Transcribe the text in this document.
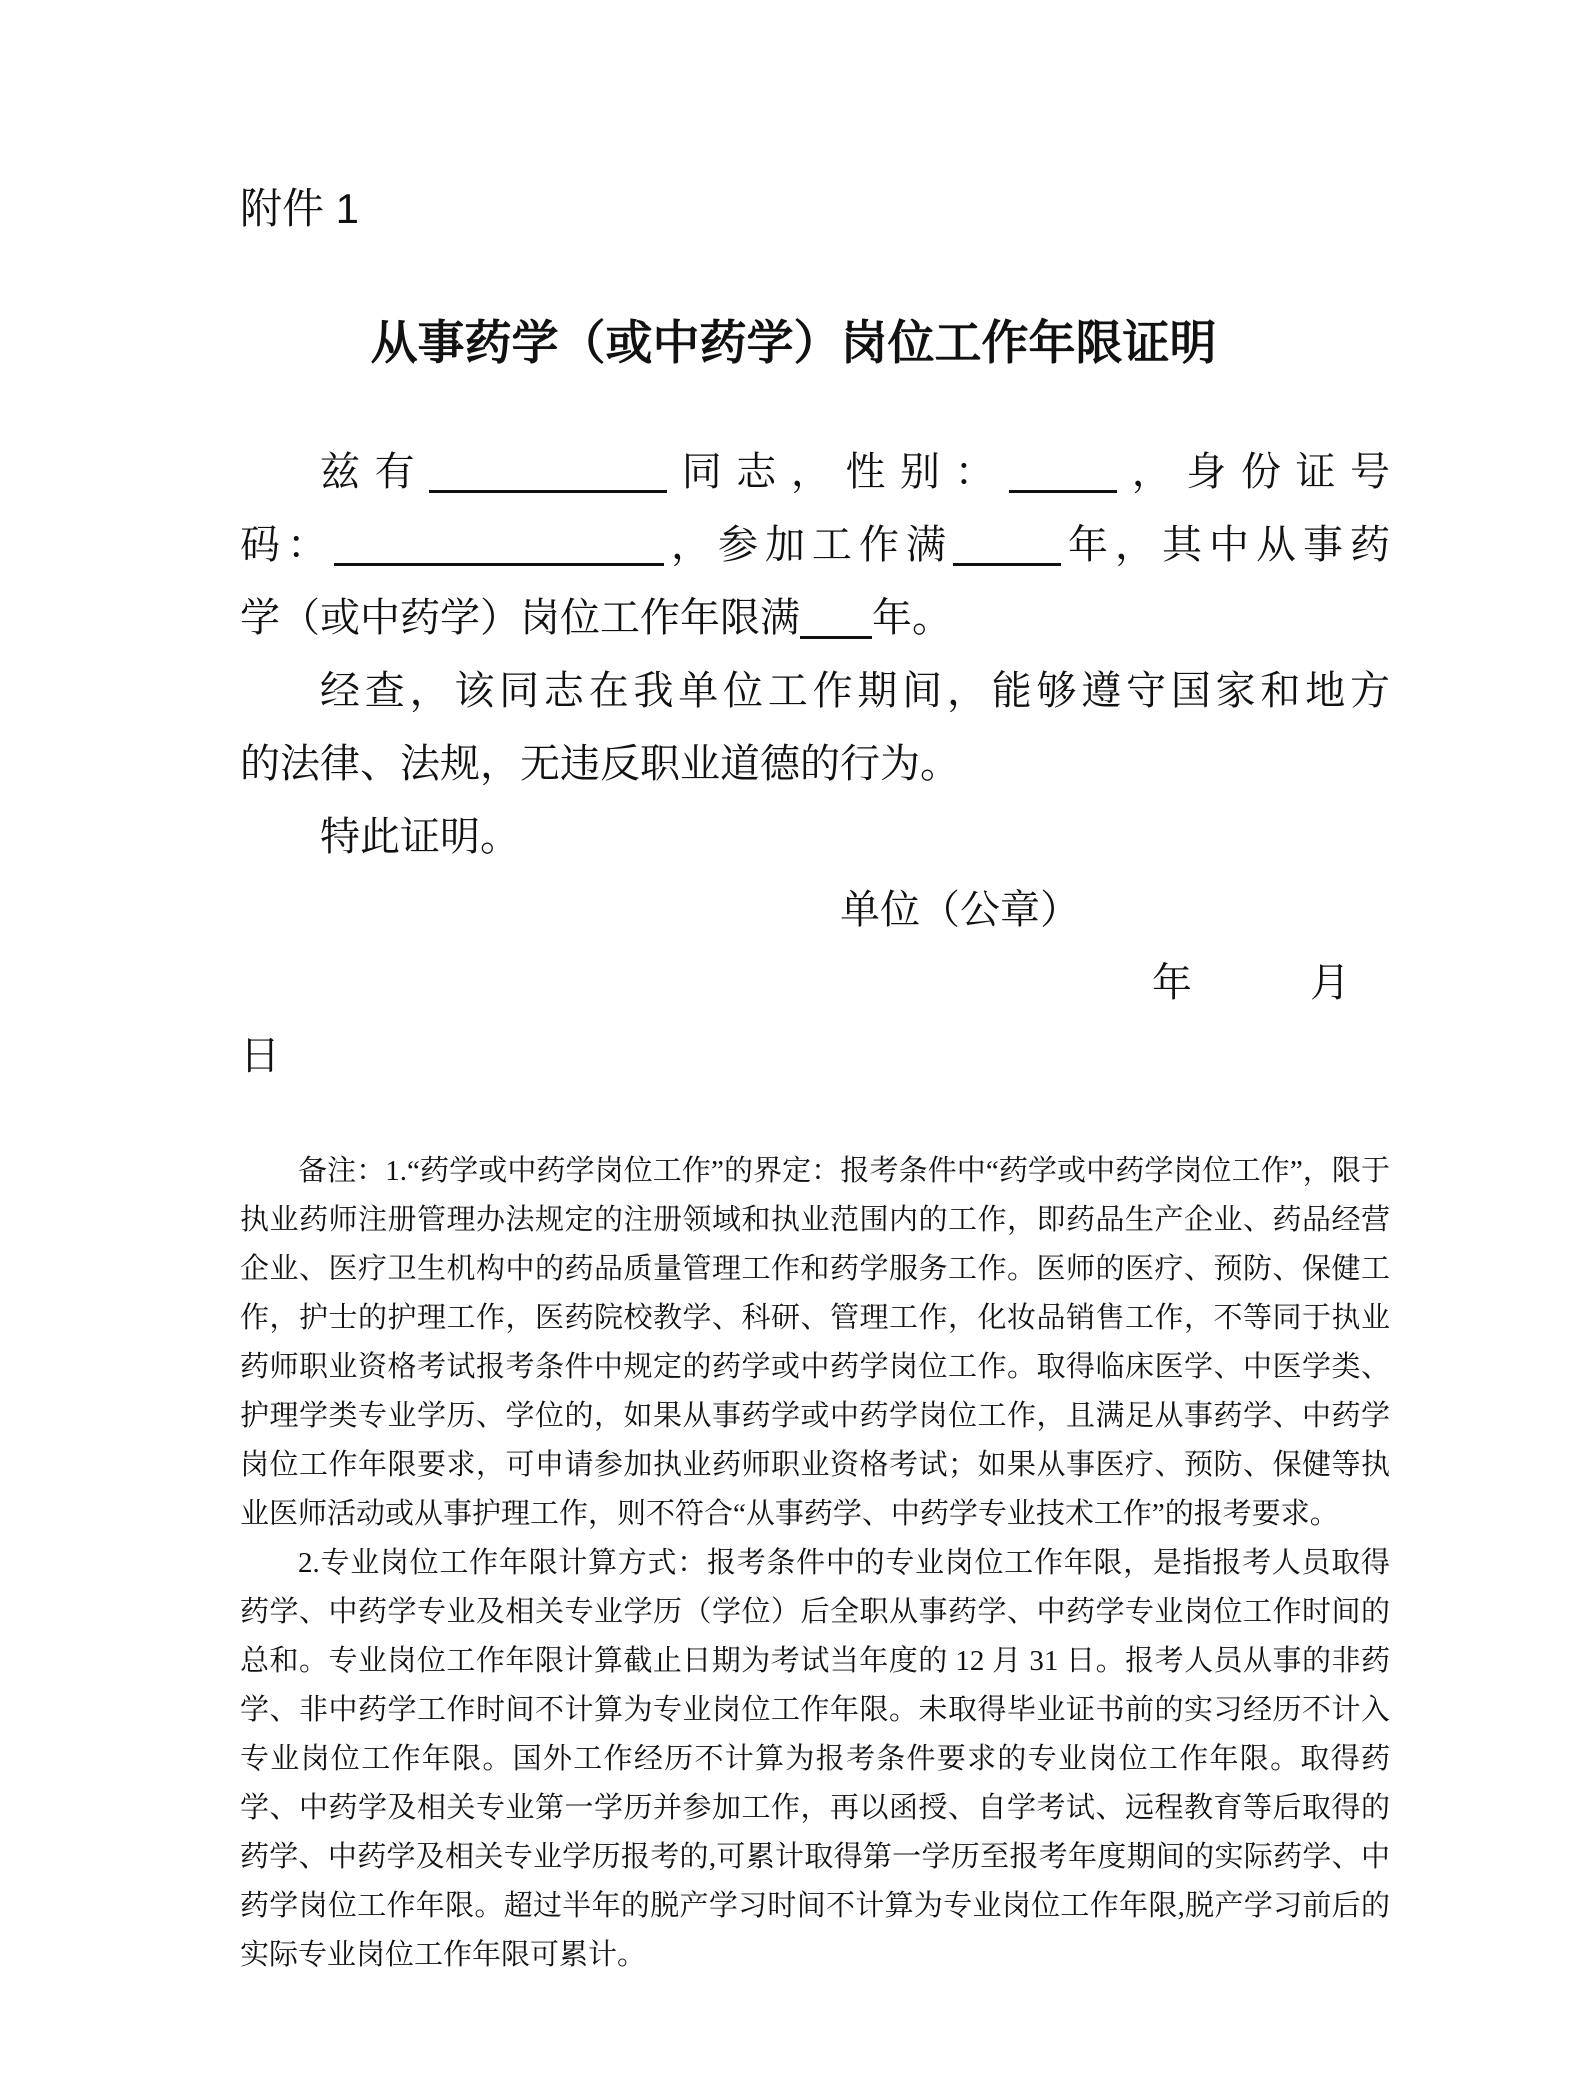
附件 1
从事药学（或中药学）岗位工作年限证明
兹有	同志，性别：	，身份证号
码：	，参加工作满	年，其中从事药
学（或中药学）岗位工作年限满 年。
经查，该同志在我单位工作期间，能够遵守国家和地方
的法律、法规，无违反职业道德的行为。
特此证明。
单位（公章）
年	月
日

备注：1.“药学或中药学岗位工作”的界定：报考条件中“药学或中药学岗位工作”，限于执业药师注册管理办法规定的注册领域和执业范围内的工作，即药品生产企业、药品经营企业、医疗卫生机构中的药品质量管理工作和药学服务工作。医师的医疗、预防、保健工作，护士的护理工作，医药院校教学、科研、管理工作，化妆品销售工作，不等同于执业药师职业资格考试报考条件中规定的药学或中药学岗位工作。取得临床医学、中医学类、护理学类专业学历、学位的，如果从事药学或中药学岗位工作，且满足从事药学、中药学岗位工作年限要求，可申请参加执业药师职业资格考试；如果从事医疗、预防、保健等执业医师活动或从事护理工作，则不符合“从事药学、中药学专业技术工作”的报考要求。

2.专业岗位工作年限计算方式：报考条件中的专业岗位工作年限，是指报考人员取得药学、中药学专业及相关专业学历（学位）后全职从事药学、中药学专业岗位工作时间的总和。专业岗位工作年限计算截止日期为考试当年度的 12 月 31 日。报考人员从事的非药学、非中药学工作时间不计算为专业岗位工作年限。未取得毕业证书前的实习经历不计入专业岗位工作年限。国外工作经历不计算为报考条件要求的专业岗位工作年限。取得药学、中药学及相关专业第一学历并参加工作，再以函授、自学考试、远程教育等后取得的药学、中药学及相关专业学历报考的,可累计取得第一学历至报考年度期间的实际药学、中药学岗位工作年限。超过半年的脱产学习时间不计算为专业岗位工作年限,脱产学习前后的实际专业岗位工作年限可累计。
